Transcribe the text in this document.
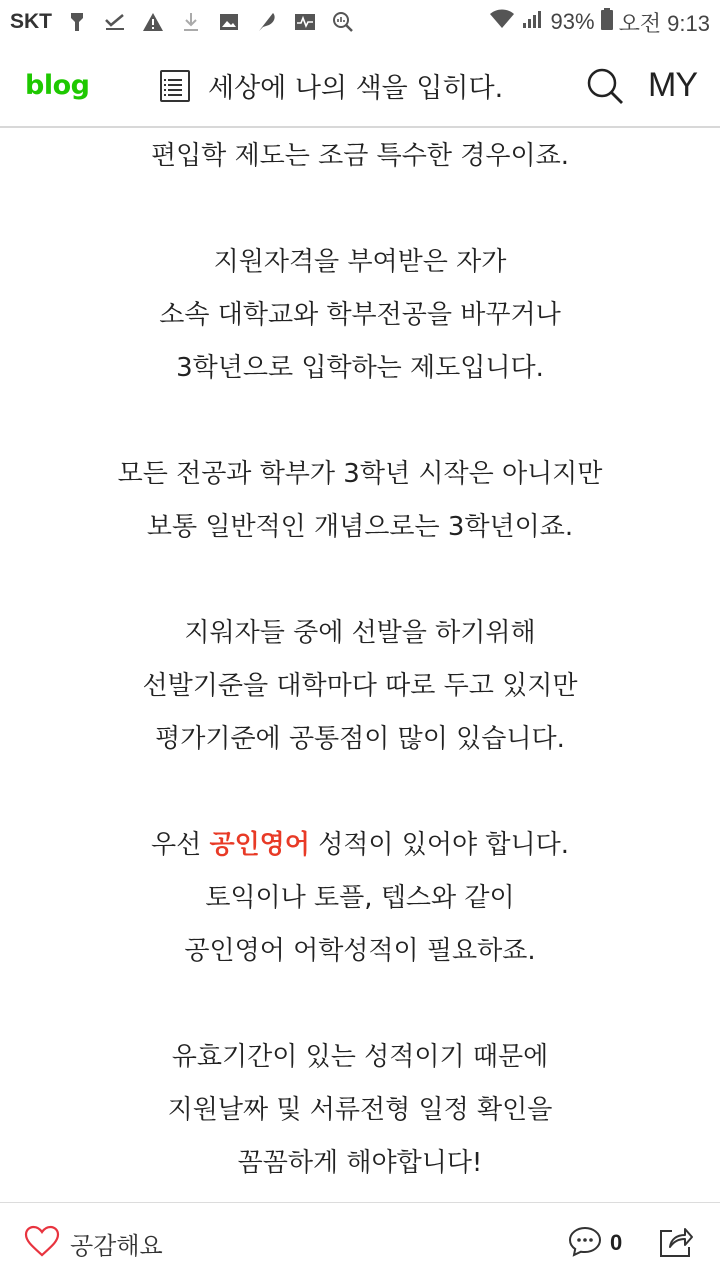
SKT	93% 오전 9:13
blog	세상에 나의 색을 입히다.	MY
편입학 제도는 조금 특수한 경우이죠.
지원자격을 부여받은 자가
소속 대학교와 학부전공을 바꾸거나
3학년으로 입학하는 제도입니다.
모든 전공과 학부가 3학년 시작은 아니지만
보통 일반적인 개념으로는 3학년이죠.
지워자들 중에 선발을 하기위해
선발기준을 대학마다 따로 두고 있지만
평가기준에 공통점이 많이 있습니다.
우선 공인영어 성적이 있어야 합니다.
토익이나 토플, 텝스와 같이
공인영어 어학성적이 필요하죠.
유효기간이 있는 성적이기 때문에
지원날짜 및 서류전형 일정 확인을
꼼꼼하게 해야합니다!
공감해요	0
